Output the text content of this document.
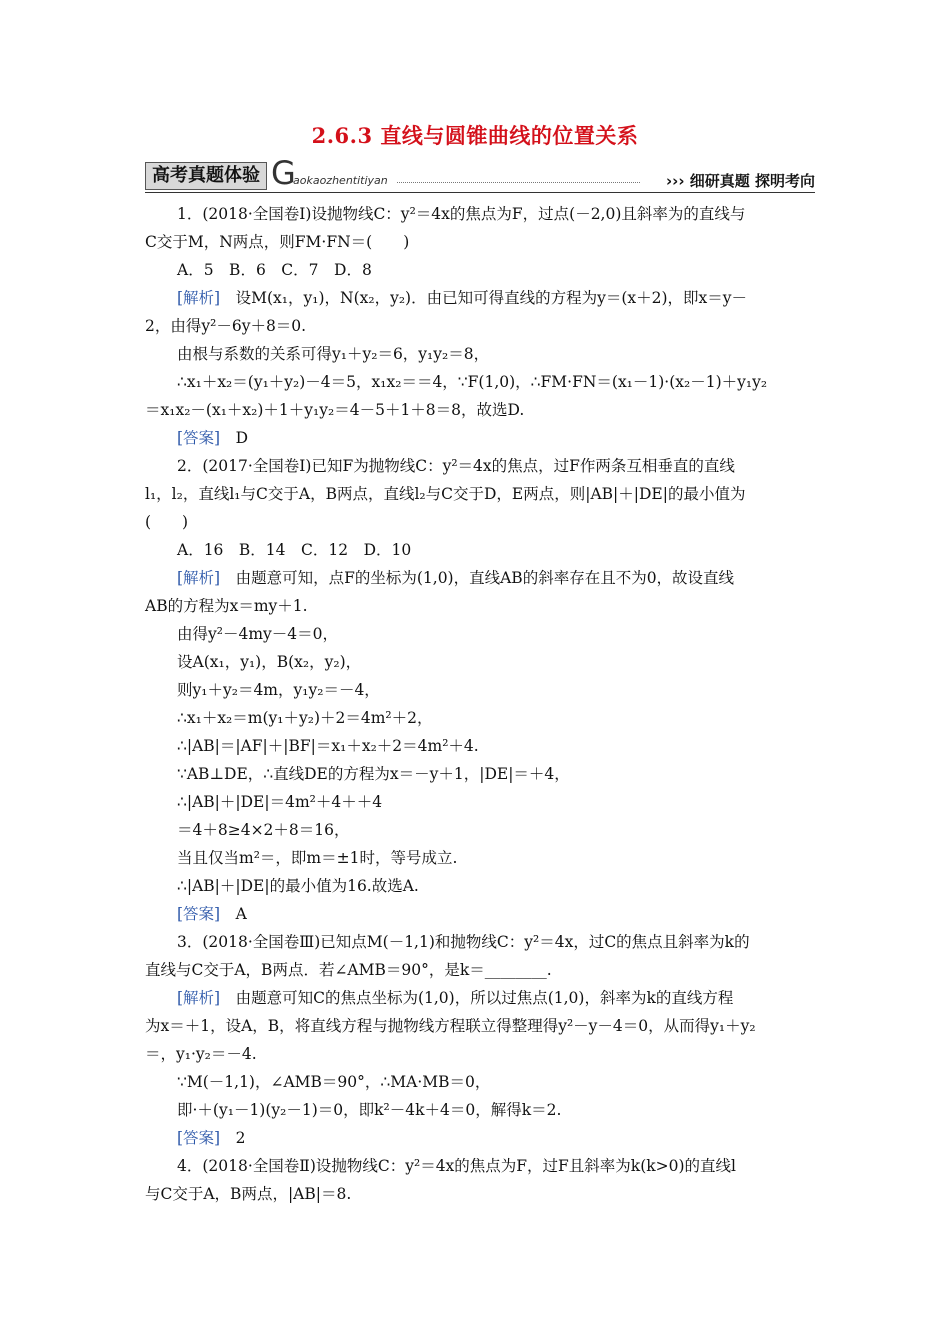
2.6.3 直线与圆锥曲线的位置关系
高考真题体验 G
aokaozhentitiyan	››› 细研真题 探明考向
1．(2018·全国卷Ⅰ)设抛物线C：y²＝4x的焦点为F，过点(－2,0)且斜率为的直线与
C交于M，N两点，则FM·FN＝(　　)
A．5　B．6　C．7　D．8
[解析]　设M(x₁，y₁)，N(x₂，y₂)．由已知可得直线的方程为y＝(x＋2)，即x＝y－
2，由得y²－6y＋8＝0.
由根与系数的关系可得y₁＋y₂＝6，y₁y₂＝8，
∴x₁＋x₂＝(y₁＋y₂)－4＝5，x₁x₂＝＝4，∵F(1,0)，∴FM·FN＝(x₁－1)·(x₂－1)＋y₁y₂
＝x₁x₂－(x₁＋x₂)＋1＋y₁y₂＝4－5＋1＋8＝8，故选D.
[答案]　D
2．(2017·全国卷Ⅰ)已知F为抛物线C：y²＝4x的焦点，过F作两条互相垂直的直线
l₁，l₂，直线l₁与C交于A，B两点，直线l₂与C交于D，E两点，则|AB|＋|DE|的最小值为
(　　)
A．16　B．14　C．12　D．10
[解析]　由题意可知，点F的坐标为(1,0)，直线AB的斜率存在且不为0，故设直线
AB的方程为x＝my＋1.
由得y²－4my－4＝0，
设A(x₁，y₁)，B(x₂，y₂)，
则y₁＋y₂＝4m，y₁y₂＝－4，
∴x₁＋x₂＝m(y₁＋y₂)＋2＝4m²＋2，
∴|AB|＝|AF|＋|BF|＝x₁＋x₂＋2＝4m²＋4.
∵AB⊥DE，∴直线DE的方程为x＝－y＋1，|DE|＝＋4，
∴|AB|＋|DE|＝4m²＋4＋＋4
＝4＋8≥4×2＋8＝16，
当且仅当m²＝，即m＝±1时，等号成立.
∴|AB|＋|DE|的最小值为16.故选A.
[答案]　A
3．(2018·全国卷Ⅲ)已知点M(－1,1)和抛物线C：y²＝4x，过C的焦点且斜率为k的
直线与C交于A，B两点．若∠AMB＝90°，是k＝________.
[解析]　由题意可知C的焦点坐标为(1,0)，所以过焦点(1,0)，斜率为k的直线方程
为x＝＋1，设A，B，将直线方程与抛物线方程联立得整理得y²－y－4＝0，从而得y₁＋y₂
＝，y₁·y₂＝－4.
∵M(－1,1)，∠AMB＝90°，∴MA·MB＝0，
即·＋(y₁－1)(y₂－1)＝0，即k²－4k＋4＝0，解得k＝2.
[答案]　2
4．(2018·全国卷Ⅱ)设抛物线C：y²＝4x的焦点为F，过F且斜率为k(k>0)的直线l
与C交于A，B两点，|AB|＝8.
